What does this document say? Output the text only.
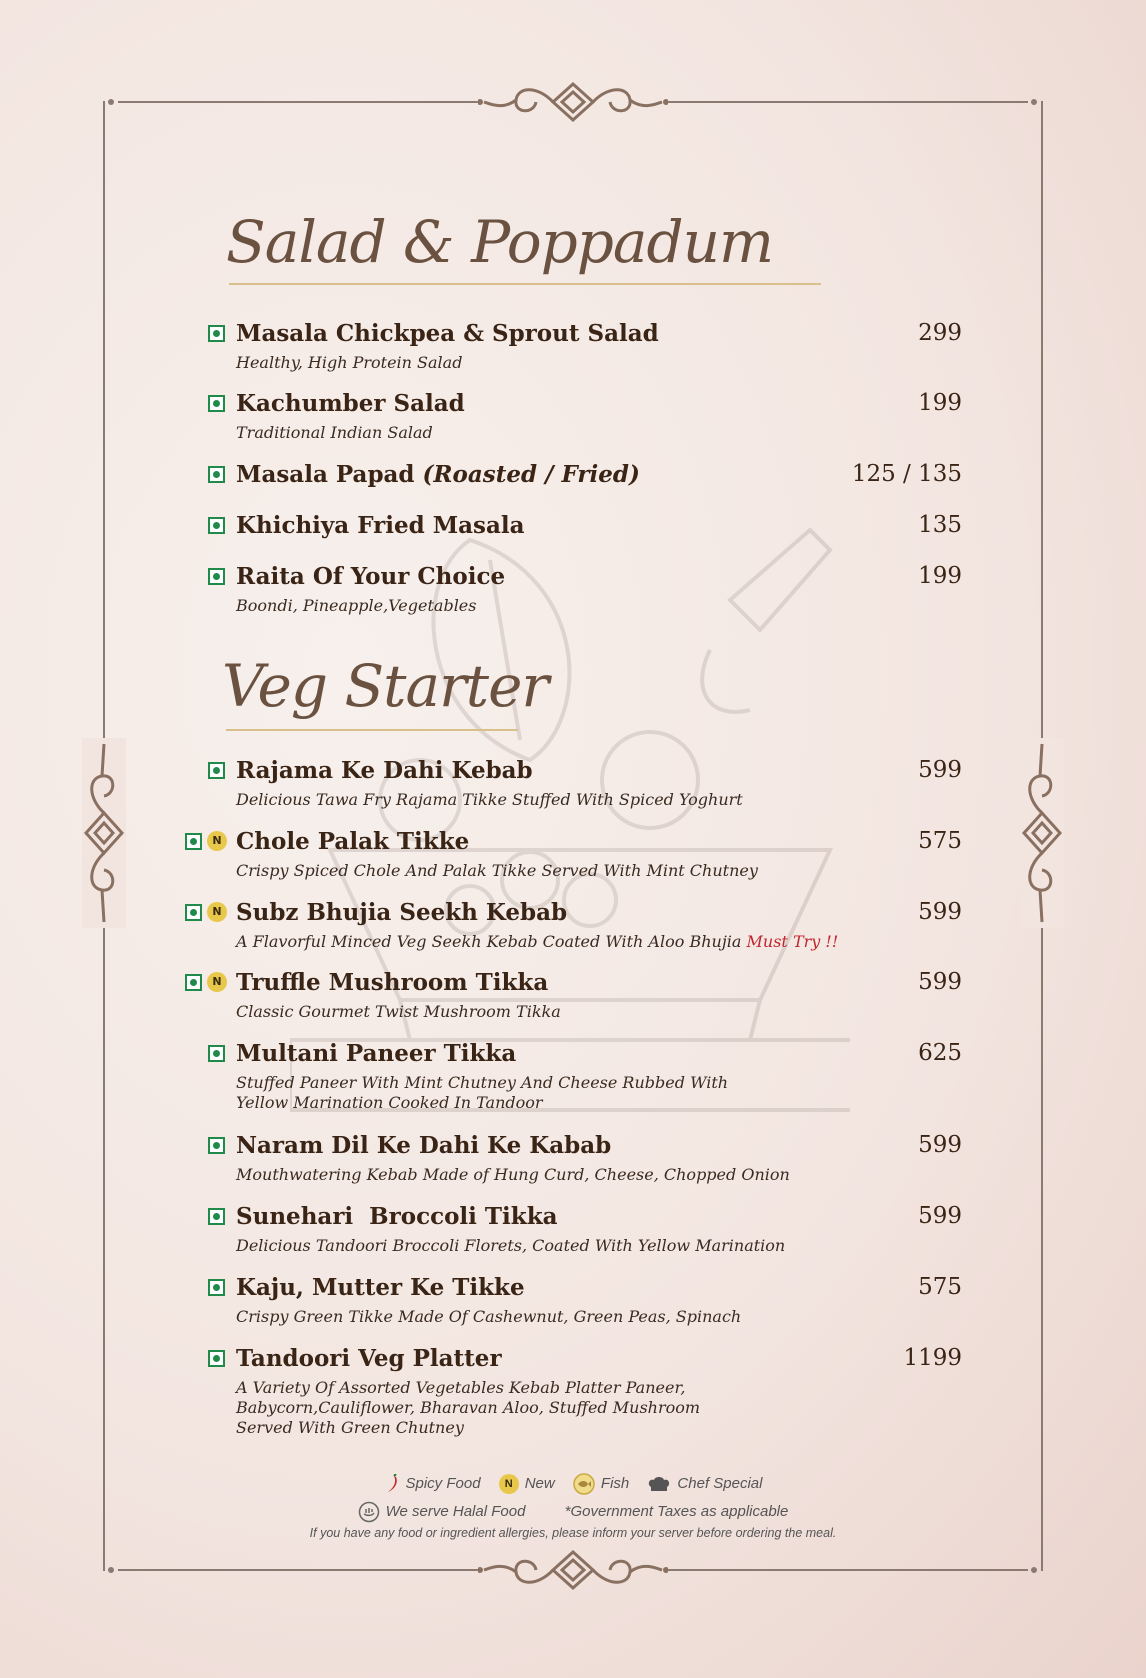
Salad & Poppadum
Masala Chickpea & Sprout Salad	299
Healthy, High Protein Salad
Kachumber Salad	199
Traditional Indian Salad
Masala Papad (Roasted / Fried)	125 / 135
Khichiya Fried Masala	135
Raita Of Your Choice	199
Boondi, Pineapple,Vegetables
Veg Starter
Rajama Ke Dahi Kebab	599
Delicious Tawa Fry Rajama Tikke Stuffed With Spiced Yoghurt
N Chole Palak Tikke	575
Crispy Spiced Chole And Palak Tikke Served With Mint Chutney
N Subz Bhujia Seekh Kebab	599
A Flavorful Minced Veg Seekh Kebab Coated With Aloo Bhujia Must Try !!
N Truffle Mushroom Tikka	599
Classic Gourmet Twist Mushroom Tikka
Multani Paneer Tikka	625
Stuffed Paneer With Mint Chutney And Cheese Rubbed With
Yellow Marination Cooked In Tandoor
Naram Dil Ke Dahi Ke Kabab	599
Mouthwatering Kebab Made of Hung Curd, Cheese, Chopped Onion
Sunehari  Broccoli Tikka	599
Delicious Tandoori Broccoli Florets, Coated With Yellow Marination
Kaju, Mutter Ke Tikke	575
Crispy Green Tikke Made Of Cashewnut, Green Peas, Spinach
Tandoori Veg Platter	1199
A Variety Of Assorted Vegetables Kebab Platter Paneer,
Babycorn,Cauliflower, Bharavan Aloo, Stuffed Mushroom
Served With Green Chutney
Spicy Food N New	Fish	Chef Special
We serve Halal Food	*Government Taxes as applicable
If you have any food or ingredient allergies, please inform your server before ordering the meal.
